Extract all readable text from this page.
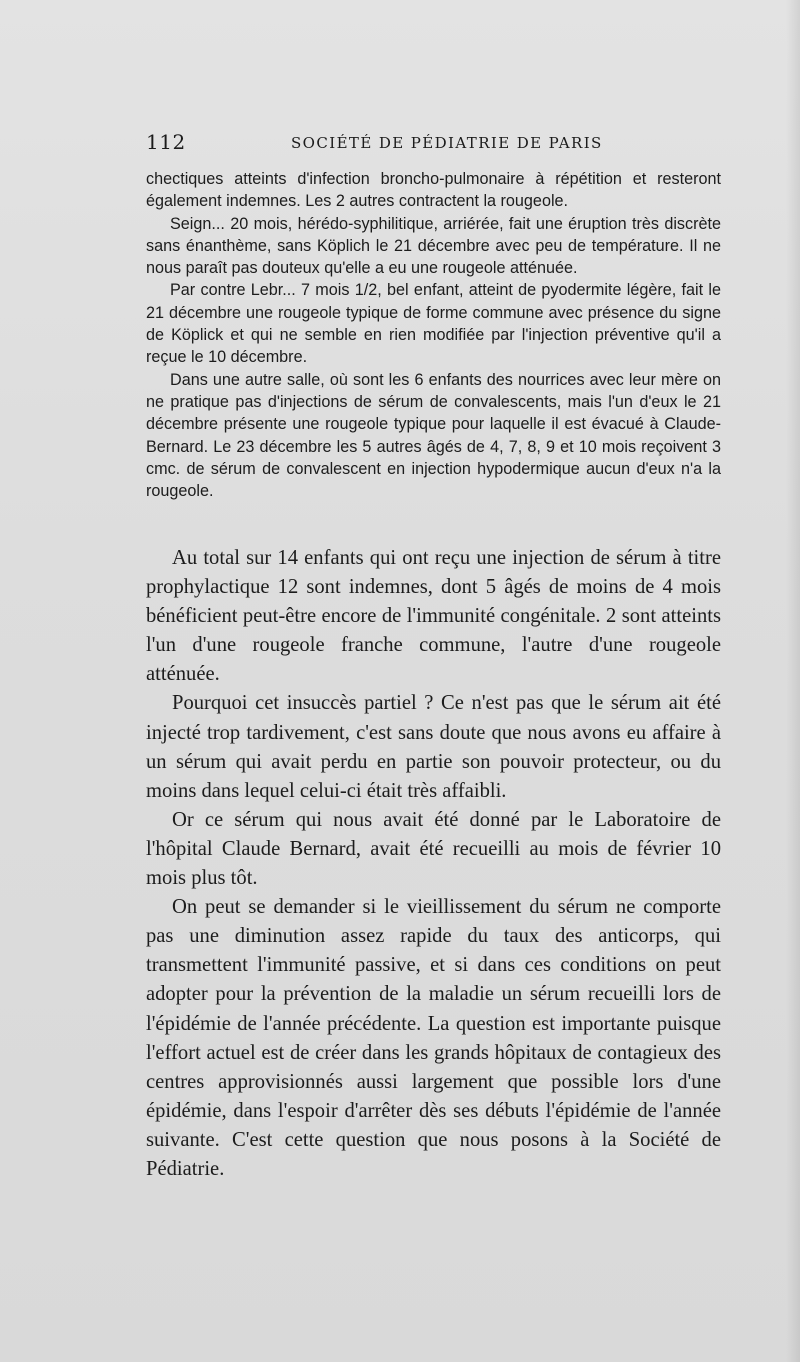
112	SOCIÉTÉ DE PÉDIATRIE DE PARIS

chectiques atteints d'infection broncho-pulmonaire à répétition et resteront également indemnes. Les 2 autres contractent la rougeole.

Seign... 20 mois, hérédo-syphilitique, arriérée, fait une éruption très discrète sans énanthème, sans Köplich le 21 décembre avec peu de température. Il ne nous paraît pas douteux qu'elle a eu une rougeole atténuée.

Par contre Lebr... 7 mois 1/2, bel enfant, atteint de pyodermite légère, fait le 21 décembre une rougeole typique de forme commune avec présence du signe de Köplick et qui ne semble en rien modifiée par l'injection préventive qu'il a reçue le 10 décembre.

Dans une autre salle, où sont les 6 enfants des nourrices avec leur mère on ne pratique pas d'injections de sérum de convalescents, mais l'un d'eux le 21 décembre présente une rougeole typique pour laquelle il est évacué à Claude-Bernard. Le 23 décembre les 5 autres âgés de 4, 7, 8, 9 et 10 mois reçoivent 3 cmc. de sérum de convalescent en injection hypodermique aucun d'eux n'a la rougeole.

Au total sur 14 enfants qui ont reçu une injection de sérum à titre prophylactique 12 sont indemnes, dont 5 âgés de moins de 4 mois bénéficient peut-être encore de l'immunité congénitale. 2 sont atteints l'un d'une rougeole franche commune, l'autre d'une rougeole atténuée.

Pourquoi cet insuccès partiel ? Ce n'est pas que le sérum ait été injecté trop tardivement, c'est sans doute que nous avons eu affaire à un sérum qui avait perdu en partie son pouvoir protecteur, ou du moins dans lequel celui-ci était très affaibli.

Or ce sérum qui nous avait été donné par le Laboratoire de l'hôpital Claude Bernard, avait été recueilli au mois de février 10 mois plus tôt.

On peut se demander si le vieillissement du sérum ne comporte pas une diminution assez rapide du taux des anticorps, qui transmettent l'immunité passive, et si dans ces conditions on peut adopter pour la prévention de la maladie un sérum recueilli lors de l'épidémie de l'année précédente. La question est importante puisque l'effort actuel est de créer dans les grands hôpitaux de contagieux des centres approvisionnés aussi largement que possible lors d'une épidémie, dans l'espoir d'arrêter dès ses débuts l'épidémie de l'année suivante. C'est cette question que nous posons à la Société de Pédiatrie.
